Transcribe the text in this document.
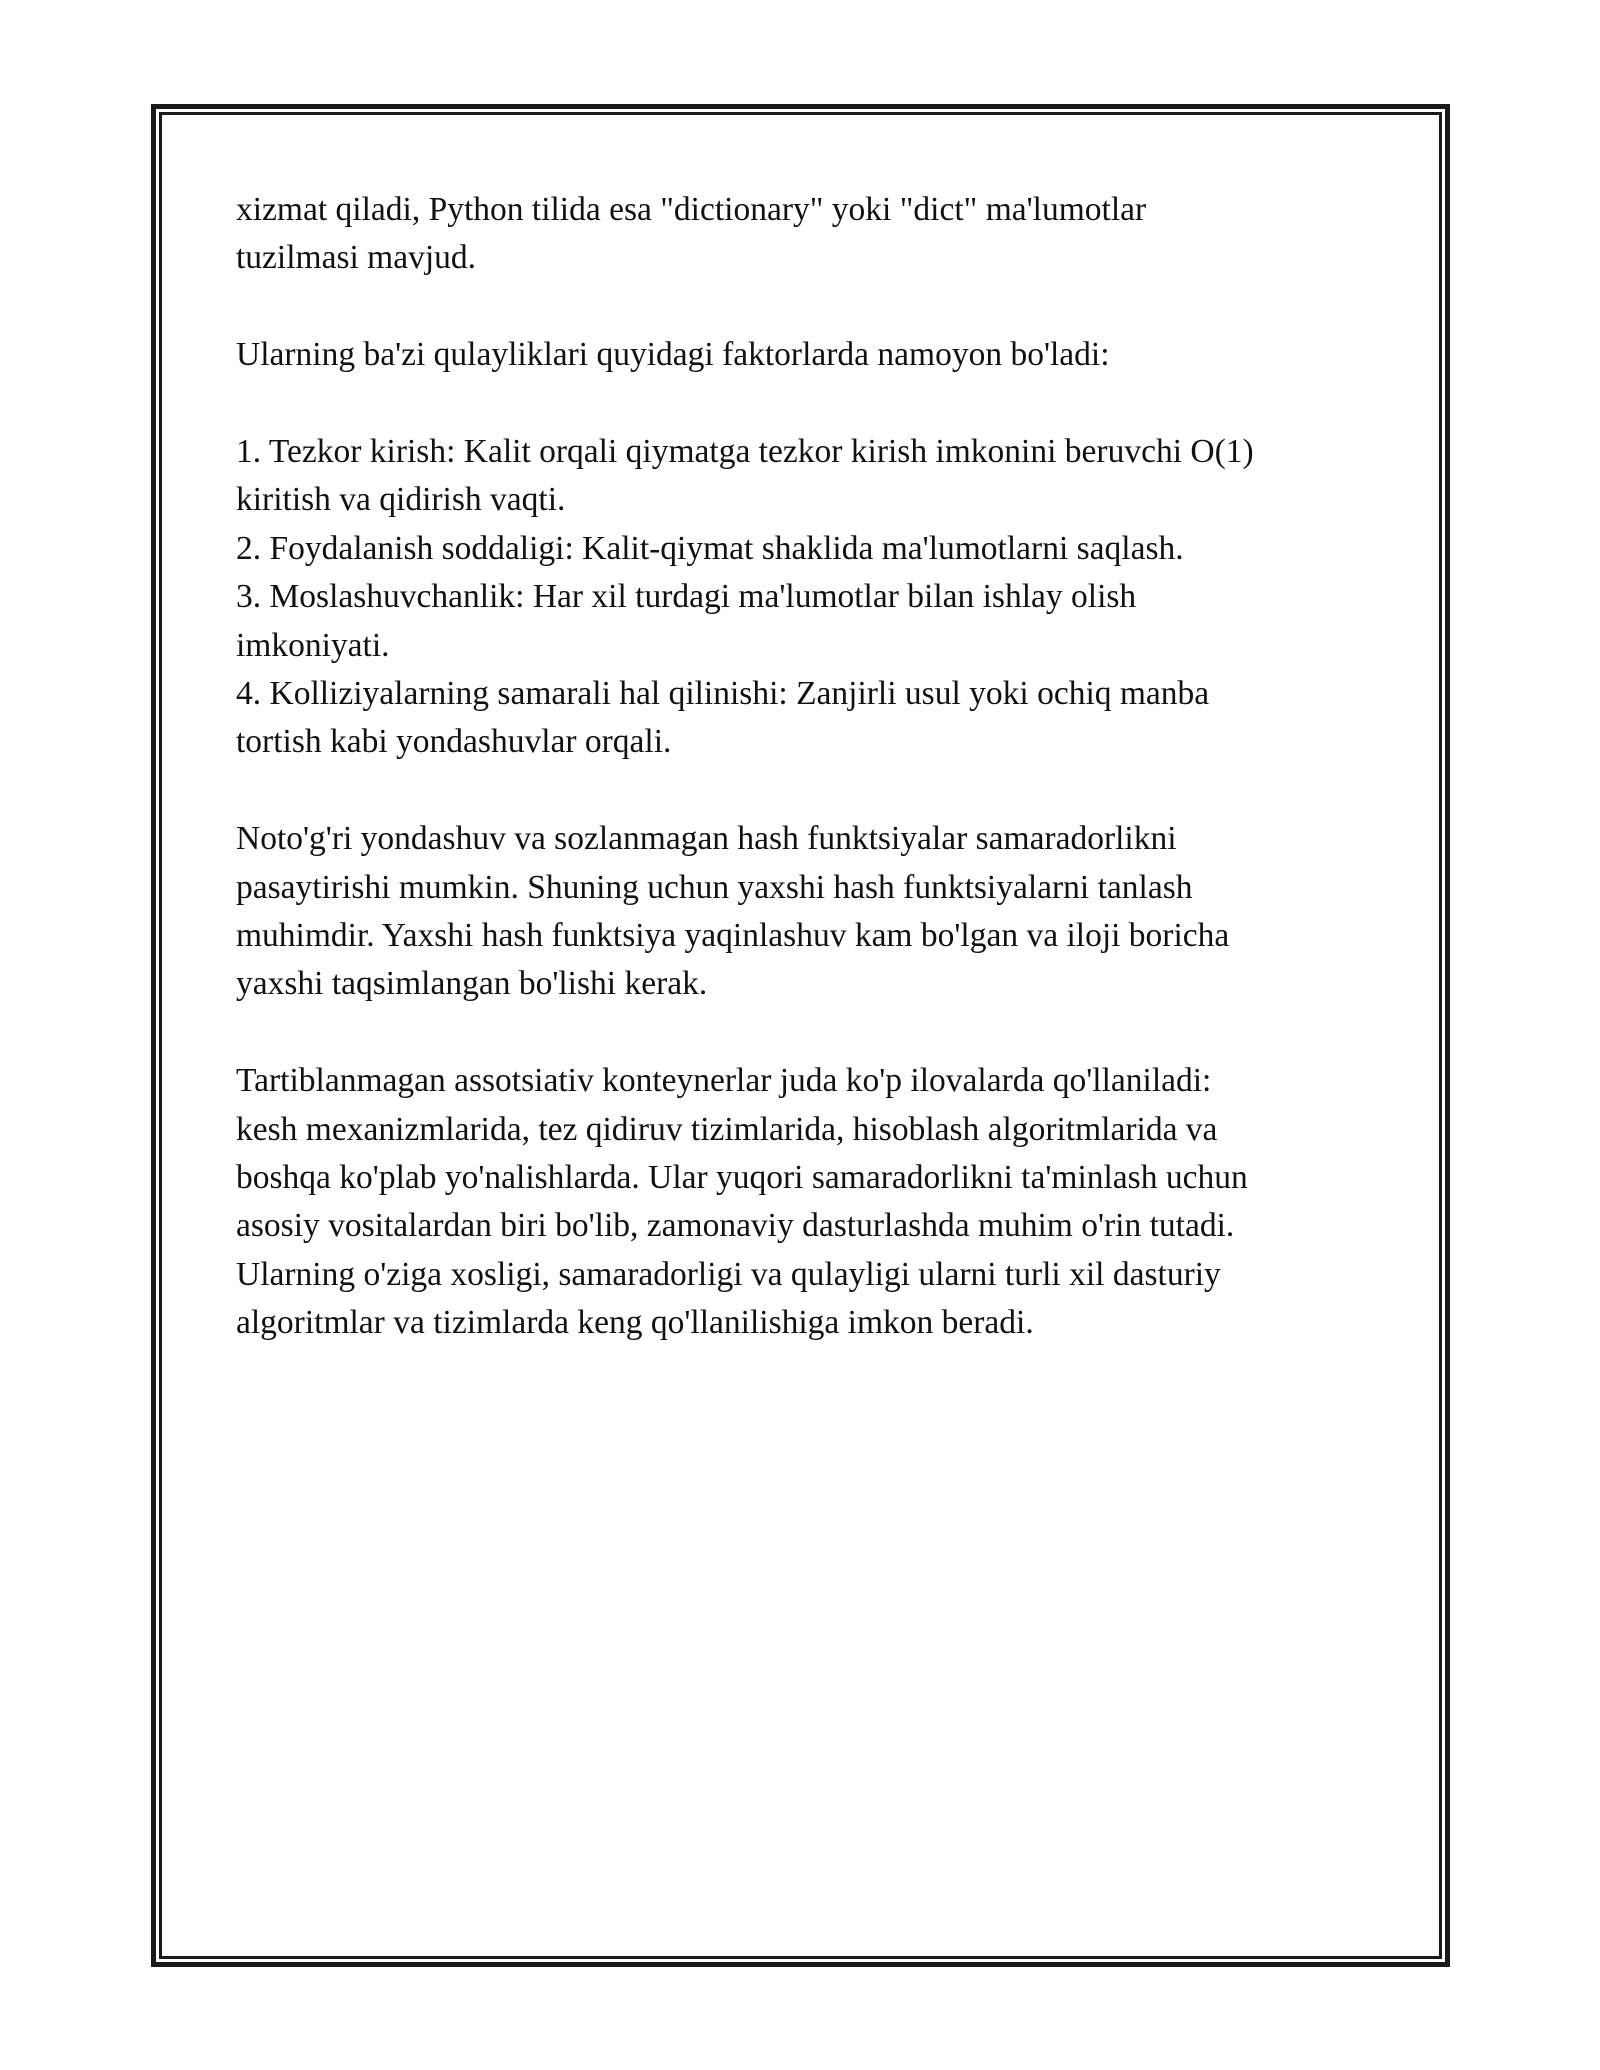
xizmat qiladi, Python tilida esa "dictionary" yoki "dict" ma'lumotlar
tuzilmasi mavjud.

Ularning ba'zi qulayliklari quyidagi faktorlarda namoyon bo'ladi:

1. Tezkor kirish: Kalit orqali qiymatga tezkor kirish imkonini beruvchi O(1)
kiritish va qidirish vaqti.
2. Foydalanish soddaligi: Kalit-qiymat shaklida ma'lumotlarni saqlash.
3. Moslashuvchanlik: Har xil turdagi ma'lumotlar bilan ishlay olish
imkoniyati.
4. Kolliziyalarning samarali hal qilinishi: Zanjirli usul yoki ochiq manba
tortish kabi yondashuvlar orqali.

Noto'g'ri yondashuv va sozlanmagan hash funktsiyalar samaradorlikni
pasaytirishi mumkin. Shuning uchun yaxshi hash funktsiyalarni tanlash
muhimdir. Yaxshi hash funktsiya yaqinlashuv kam bo'lgan va iloji boricha
yaxshi taqsimlangan bo'lishi kerak.

Tartiblanmagan assotsiativ konteynerlar juda ko'p ilovalarda qo'llaniladi:
kesh mexanizmlarida, tez qidiruv tizimlarida, hisoblash algoritmlarida va
boshqa ko'plab yo'nalishlarda. Ular yuqori samaradorlikni ta'minlash uchun
asosiy vositalardan biri bo'lib, zamonaviy dasturlashda muhim o'rin tutadi.
Ularning o'ziga xosligi, samaradorligi va qulayligi ularni turli xil dasturiy
algoritmlar va tizimlarda keng qo'llanilishiga imkon beradi.
